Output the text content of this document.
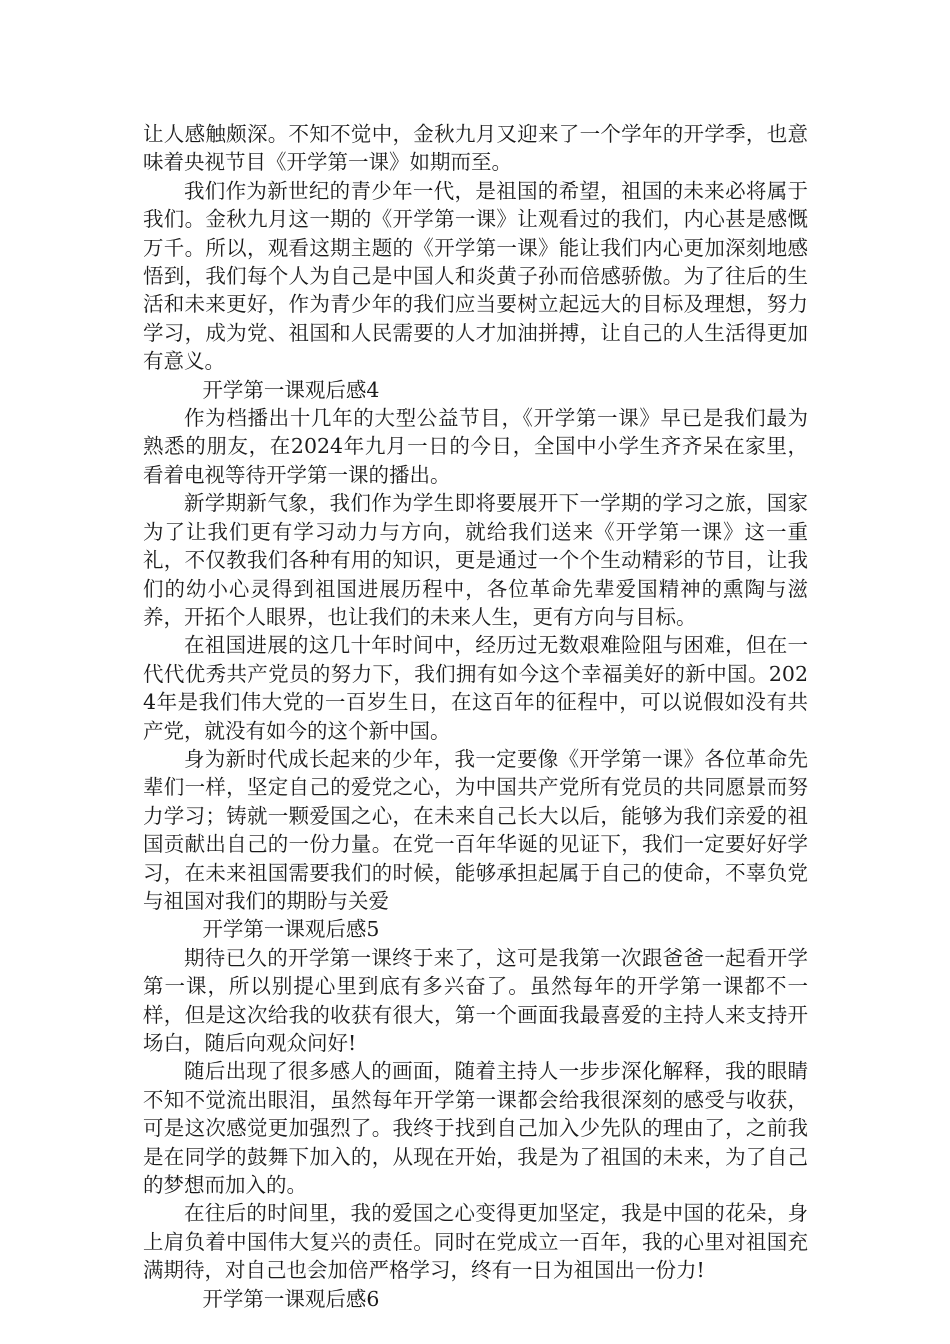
让人感触颇深。不知不觉中，金秋九月又迎来了一个学年的开学季，也意味着央视节目《开学第一课》如期而至。

我们作为新世纪的青少年一代，是祖国的希望，祖国的未来必将属于我们。金秋九月这一期的《开学第一课》让观看过的我们，内心甚是感慨万千。所以，观看这期主题的《开学第一课》能让我们内心更加深刻地感悟到，我们每个人为自己是中国人和炎黄子孙而倍感骄傲。为了往后的生活和未来更好，作为青少年的我们应当要树立起远大的目标及理想，努力学习，成为党、祖国和人民需要的人才加油拼搏，让自己的人生活得更加有意义。

开学第一课观后感4

作为档播出十几年的大型公益节目，《开学第一课》早已是我们最为熟悉的朋友，在2024年九月一日的今日，全国中小学生齐齐呆在家里，看着电视等待开学第一课的播出。

新学期新气象，我们作为学生即将要展开下一学期的学习之旅，国家为了让我们更有学习动力与方向，就给我们送来《开学第一课》这一重礼，不仅教我们各种有用的知识，更是通过一个个生动精彩的节目，让我们的幼小心灵得到祖国进展历程中，各位革命先辈爱国精神的熏陶与滋养，开拓个人眼界，也让我们的未来人生，更有方向与目标。

在祖国进展的这几十年时间中，经历过无数艰难险阻与困难，但在一代代优秀共产党员的努力下，我们拥有如今这个幸福美好的新中国。2024年是我们伟大党的一百岁生日，在这百年的征程中，可以说假如没有共产党，就没有如今的这个新中国。

身为新时代成长起来的少年，我一定要像《开学第一课》各位革命先辈们一样，坚定自己的爱党之心，为中国共产党所有党员的共同愿景而努力学习；铸就一颗爱国之心，在未来自己长大以后，能够为我们亲爱的祖国贡献出自己的一份力量。在党一百年华诞的见证下，我们一定要好好学习，在未来祖国需要我们的时候，能够承担起属于自己的使命，不辜负党与祖国对我们的期盼与关爱

开学第一课观后感5

期待已久的开学第一课终于来了，这可是我第一次跟爸爸一起看开学第一课，所以别提心里到底有多兴奋了。虽然每年的开学第一课都不一样，但是这次给我的收获有很大，第一个画面我最喜爱的主持人来支持开场白，随后向观众问好!

随后出现了很多感人的画面，随着主持人一步步深化解释，我的眼睛不知不觉流出眼泪，虽然每年开学第一课都会给我很深刻的感受与收获，可是这次感觉更加强烈了。我终于找到自己加入少先队的理由了，之前我是在同学的鼓舞下加入的，从现在开始，我是为了祖国的未来，为了自己的梦想而加入的。

在往后的时间里，我的爱国之心变得更加坚定，我是中国的花朵，身上肩负着中国伟大复兴的责任。同时在党成立一百年，我的心里对祖国充满期待，对自己也会加倍严格学习，终有一日为祖国出一份力!

开学第一课观后感6
